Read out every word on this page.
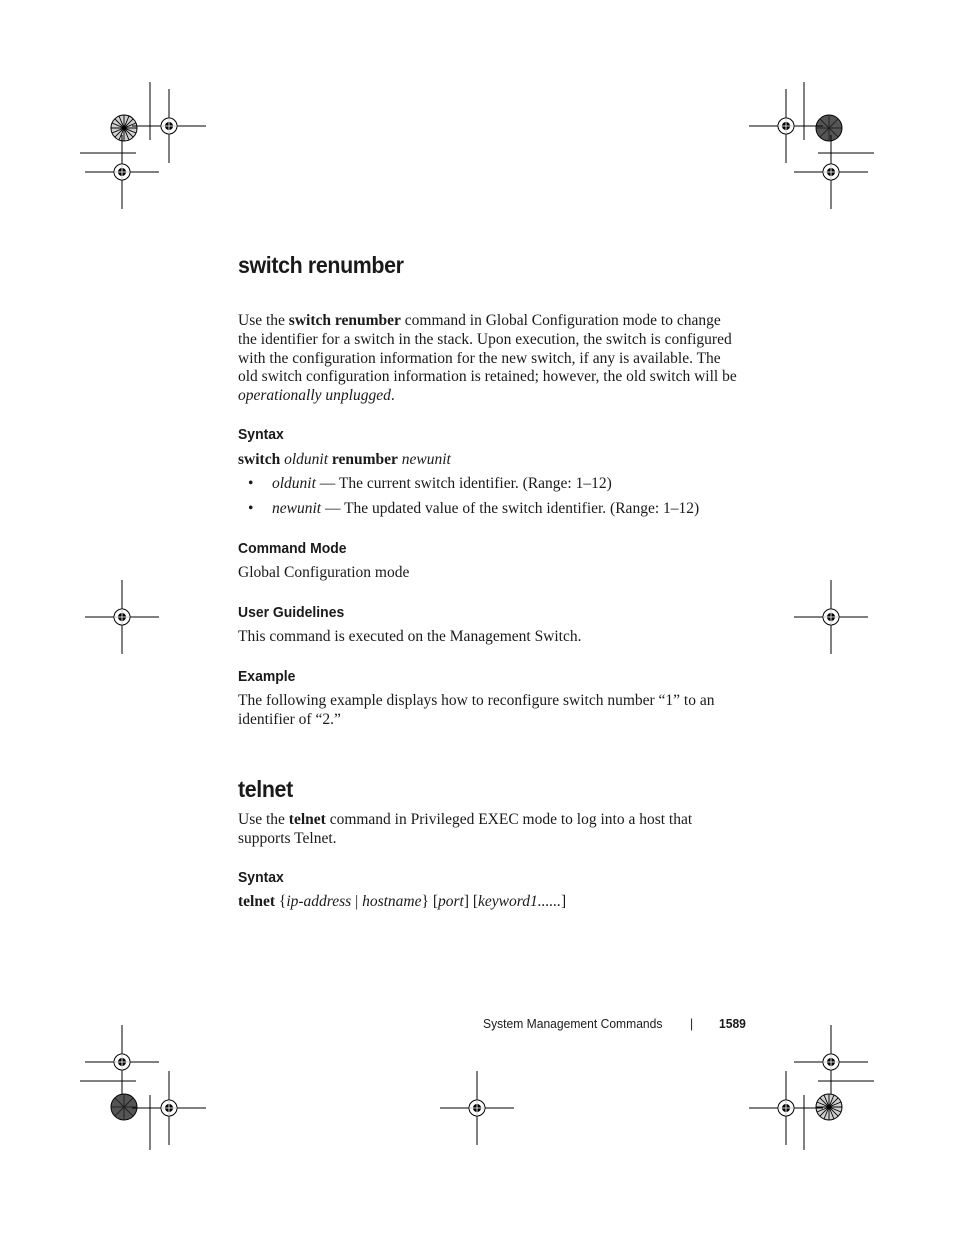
switch renumber
Use the switch renumber command in Global Configuration mode to change the identifier for a switch in the stack. Upon execution, the switch is configured with the configuration information for the new switch, if any is available. The old switch configuration information is retained; however, the old switch will be operationally unplugged.
Syntax
switch oldunit renumber newunit
• oldunit — The current switch identifier. (Range: 1–12)
• newunit — The updated value of the switch identifier. (Range: 1–12)
Command Mode
Global Configuration mode
User Guidelines
This command is executed on the Management Switch.
Example
The following example displays how to reconfigure switch number “1” to an identifier of “2.”
telnet
Use the telnet command in Privileged EXEC mode to log into a host that supports Telnet.
Syntax
telnet {ip-address | hostname} [port] [keyword1......]
System Management Commands | 1589
